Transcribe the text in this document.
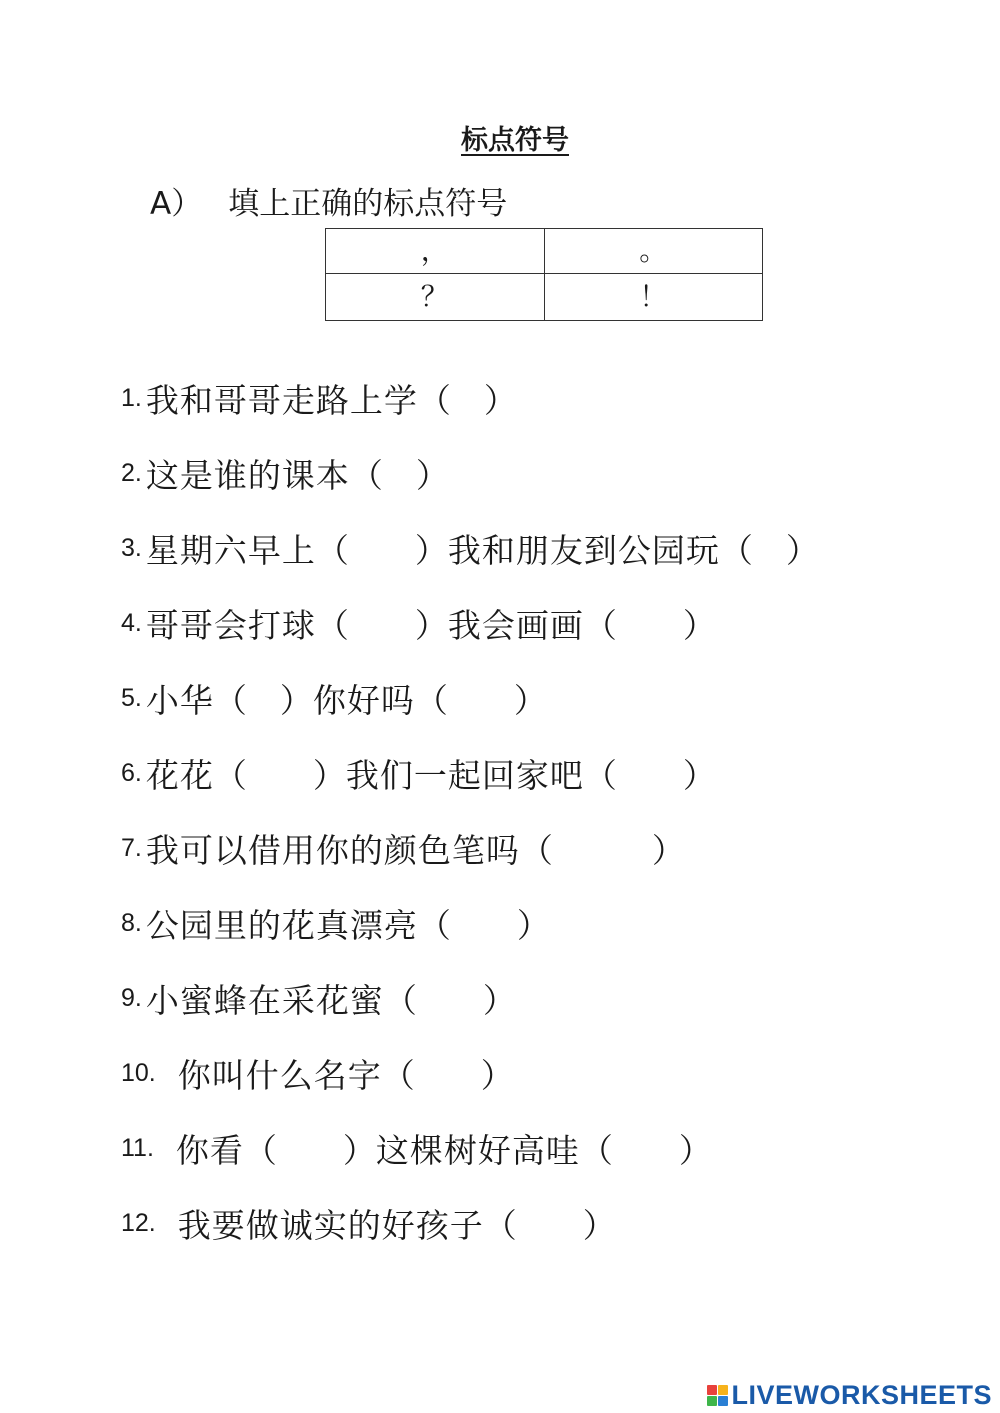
标点符号
A） 填上正确的标点符号
，	。
？	！
1. 我和哥哥走路上学（　）
2. 这是谁的课本（　）
3. 星期六早上（　　）我和朋友到公园玩（　）
4. 哥哥会打球（　　）我会画画（　　）
5. 小华（　）你好吗（　　）
6. 花花（　　）我们一起回家吧（　　）
7. 我可以借用你的颜色笔吗（　　　）
8. 公园里的花真漂亮（　　）
9. 小蜜蜂在采花蜜（　　）
10. 你叫什么名字（　　）
11. 你看（　　）这棵树好高哇（　　）
12. 我要做诚实的好孩子（　　）
LIVEWORKSHEETS
